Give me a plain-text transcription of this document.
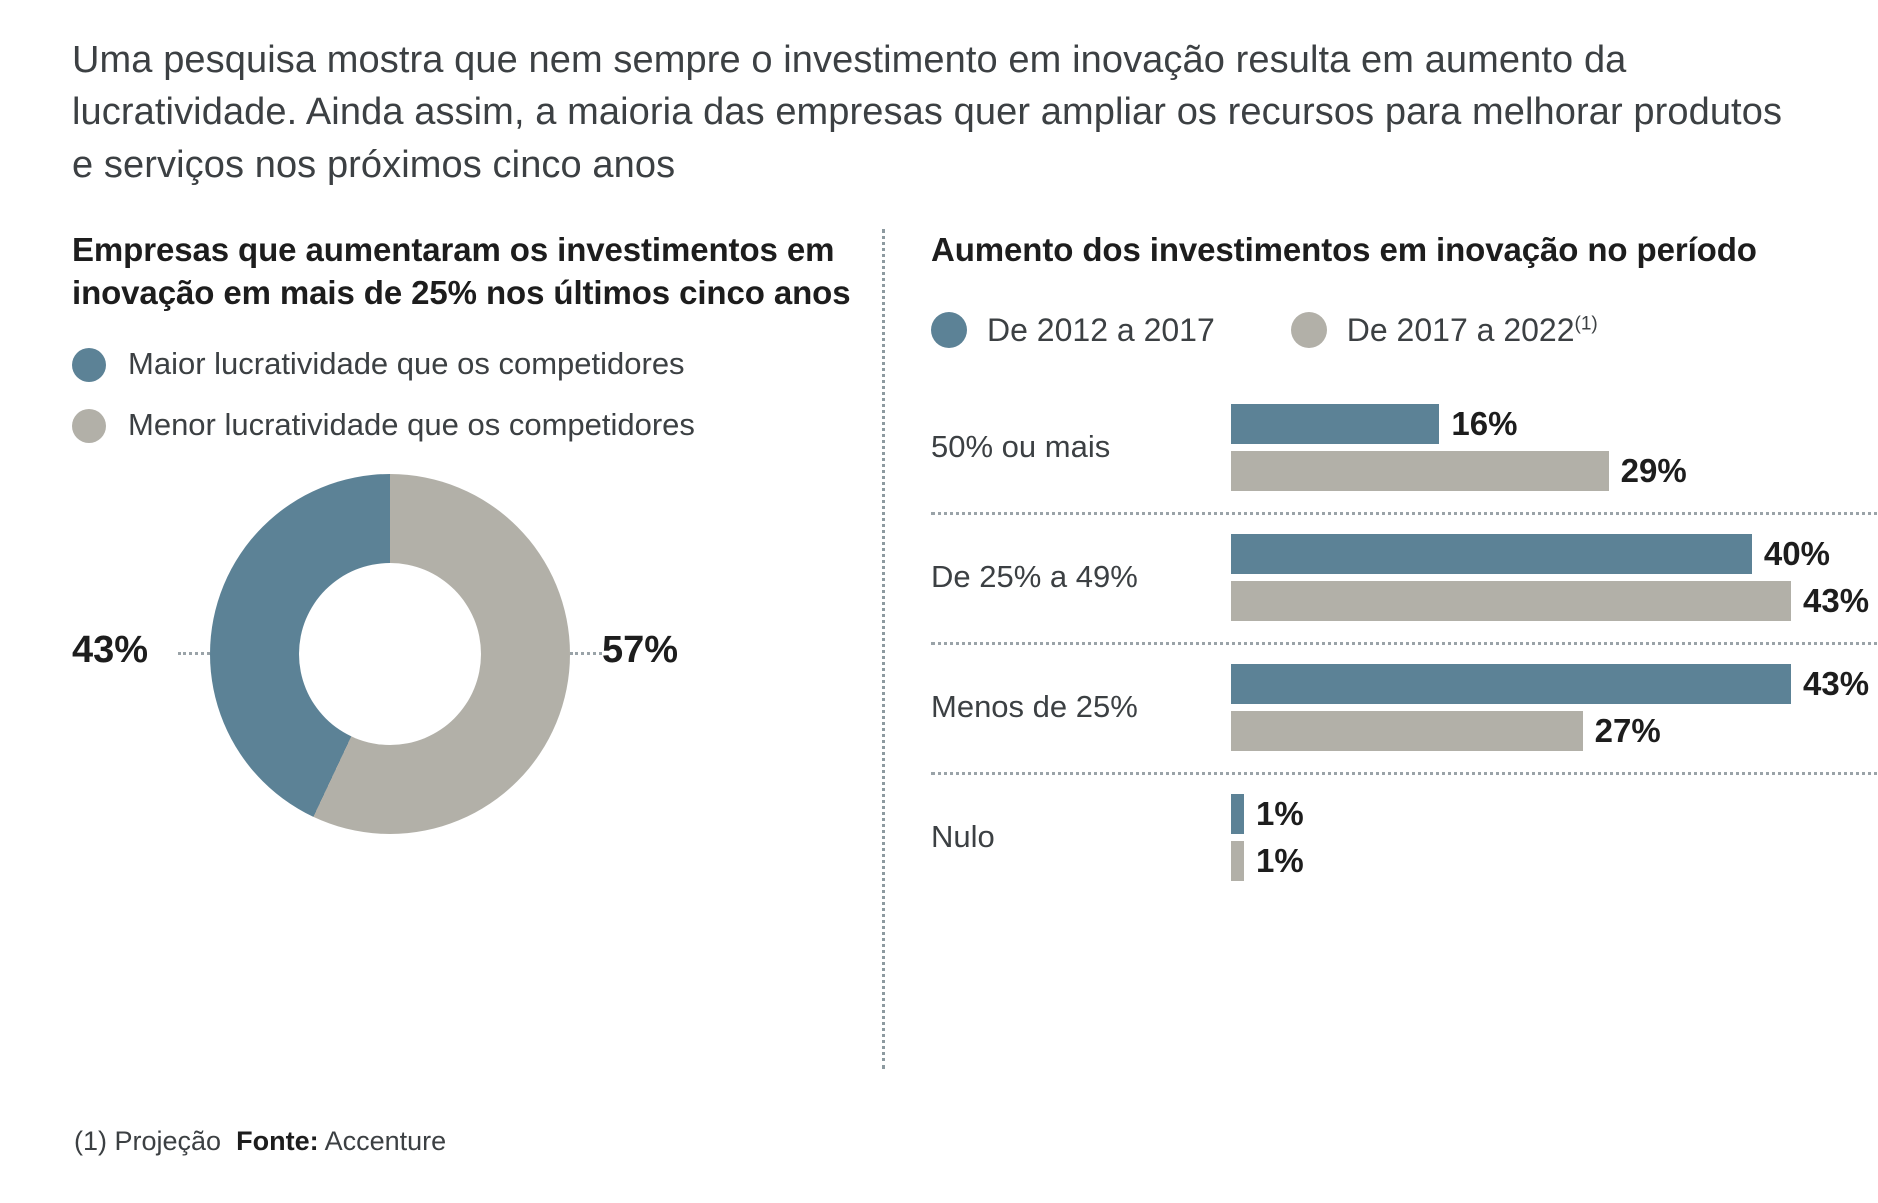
Uma pesquisa mostra que nem sempre o investimento em inovação resulta em aumento da lucratividade. Ainda assim, a maioria das empresas quer ampliar os recursos para melhorar produtos e serviços nos próximos cinco anos
Empresas que aumentaram os investimentos em inovação em mais de 25% nos últimos cinco anos
Maior lucratividade que os competidores
Menor lucratividade que os competidores
43%	57%
Aumento dos investimentos em inovação no período
De 2012 a 2017	De 2017 a 2022$^{(1)}$
50% ou mais
16%
29%
De 25% a 49%
40%
43%
Menos de 25%
43%
27%
Nulo
1%
1%
(1) Projeção Fonte: Accenture
